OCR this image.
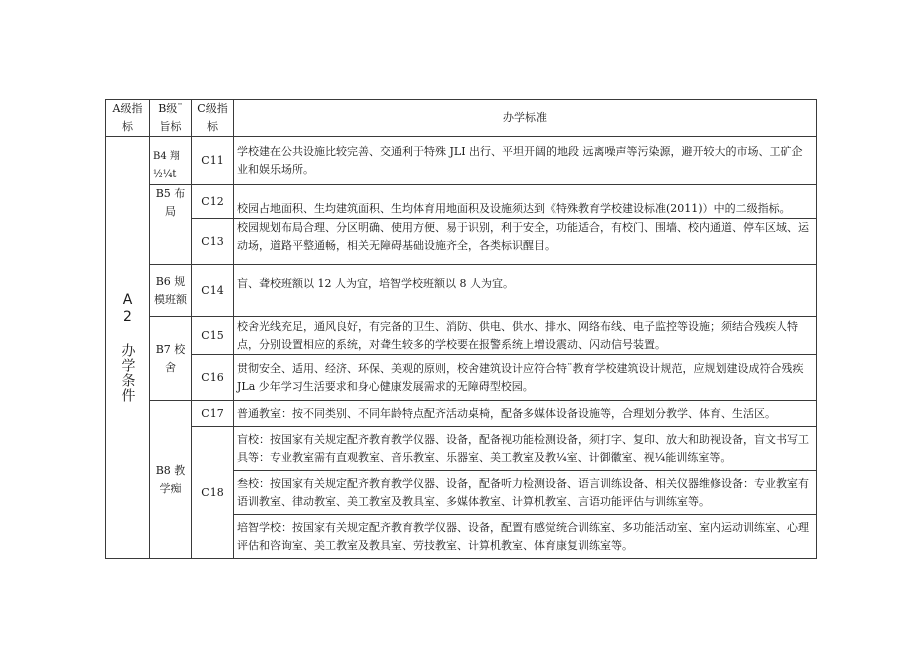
A级指标	B级¨旨标	C级指标	办学标准

A2 办学条件	B4 翔½¼t	C11	学校建在公共设施比较完善、交通利于特殊 JLI 出行、平坦开阔的地段 远离噪声等污染源，避开较大的市场、工矿企业和娱乐场所。
	B5 布局	C12	校园占地面积、生均建筑面积、生均体育用地面积及设施须达到《特殊教育学校建设标准(2011)）中的二级指标。
		C13	校园规划布局合理、分区明确、使用方便、易于识别，利于安全，功能适合，有校门、围墙、校内通道、停车区域、运动场，道路平整通畅，相关无障碍基础设施齐全，各类标识醒目。
	B6 规模班额	C14	盲、聋校班额以 12 人为宜，培智学校班额以 8 人为宜。
	B7 校舍	C15	校舍光线充足，通风良好，有完备的卫生、消防、供电、供水、排水、网络布线、电子监控等设施；须结合残疾人特点，分别设置相应的系统，对聋生较多的学校要在报警系统上增设震动、闪动信号装置。
		C16	贯彻安全、适用、经济、环保、美观的原则，校舍建筑设计应符合特¨教育学校建筑设计规范，应规划建设成符合残疾 JLa 少年学习生活要求和身心健康发展需求的无障碍型校园。
	B8 教学痴	C17	普通教室：按不同类别、不同年龄特点配齐活动桌椅，配备多媒体设备设施等，合理划分教学、体育、生活区。
		C18	盲校：按国家有关规定配齐教育教学仪器、设备，配备视功能检测设备，须打字、复印、放大和助视设备，盲文书写工具等：专业教室需有直观教室、音乐教室、乐器室、美工教室及教¼室、计御徽室、视¼能训练室等。
			叁校：按国家有关规定配齐教育教学仪器、设备，配备听力检测设备、语言训练设备、相关仪器维修设备：专业教室有语训教室、律动教室、美工教室及教具室、多媒体教室、计算机教室、言语功能评估与训练室等。
			培智学校：按国家有关规定配齐教育教学仪器、设备，配置有感觉统合训练室、多功能活动室、室内运动训练室、心理评估和咨询室、美工教室及教具室、劳技教室、计算机教室、体育康复训练室等。
